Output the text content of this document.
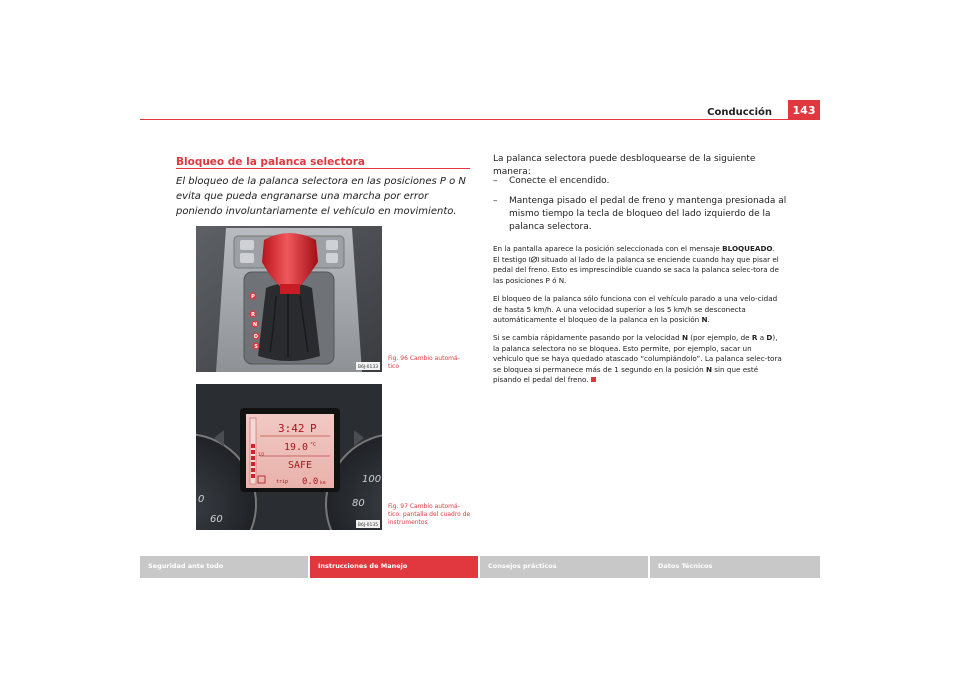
Conducción	143
Bloqueo de la palanca selectora
El bloqueo de la palanca selectora en las posiciones P o N evita que pueda engranarse una marcha por error poniendo involuntariamente el vehículo en movimiento.
P
R
N
D
S
B6J-0133
Fig. 96 Cambio automá-tico
60
0	80
100
1/2
3:42 P
19.0 °C
SAFE
trip 0.0 km
B6J-0135
Fig. 97 Cambio automá-tico: pantalla del cuadro de instrumentos
La palanca selectora puede desbloquearse de la siguiente manera:
– Conecte el encendido.
–	Mantenga pisado el pedal de freno y mantenga presionada al mismo tiempo la tecla de bloqueo del lado izquierdo de la palanca selectora.
En la pantalla aparece la posición seleccionada con el mensaje BLOQUEADO. El testigo  situado al lado de la palanca se enciende cuando hay que pisar el pedal del freno. Esto es imprescindible cuando se saca la palanca selec-tora de las posiciones P ó N.
El bloqueo de la palanca sólo funciona con el vehículo parado a una velo-cidad de hasta 5 km/h. A una velocidad superior a los 5 km/h se desconecta automáticamente el bloqueo de la palanca en la posición N.
Si se cambia rápidamente pasando por la velocidad N (por ejemplo, de R a D), la palanca selectora no se bloquea. Esto permite, por ejemplo, sacar un vehículo que se haya quedado atascado “columpiándolo”. La palanca selec-tora se bloquea si permanece más de 1 segundo en la posición N sin que esté pisando el pedal del freno.
Seguridad ante todo	Instrucciones de Manejo	Consejos prácticos	Datos Técnicos
